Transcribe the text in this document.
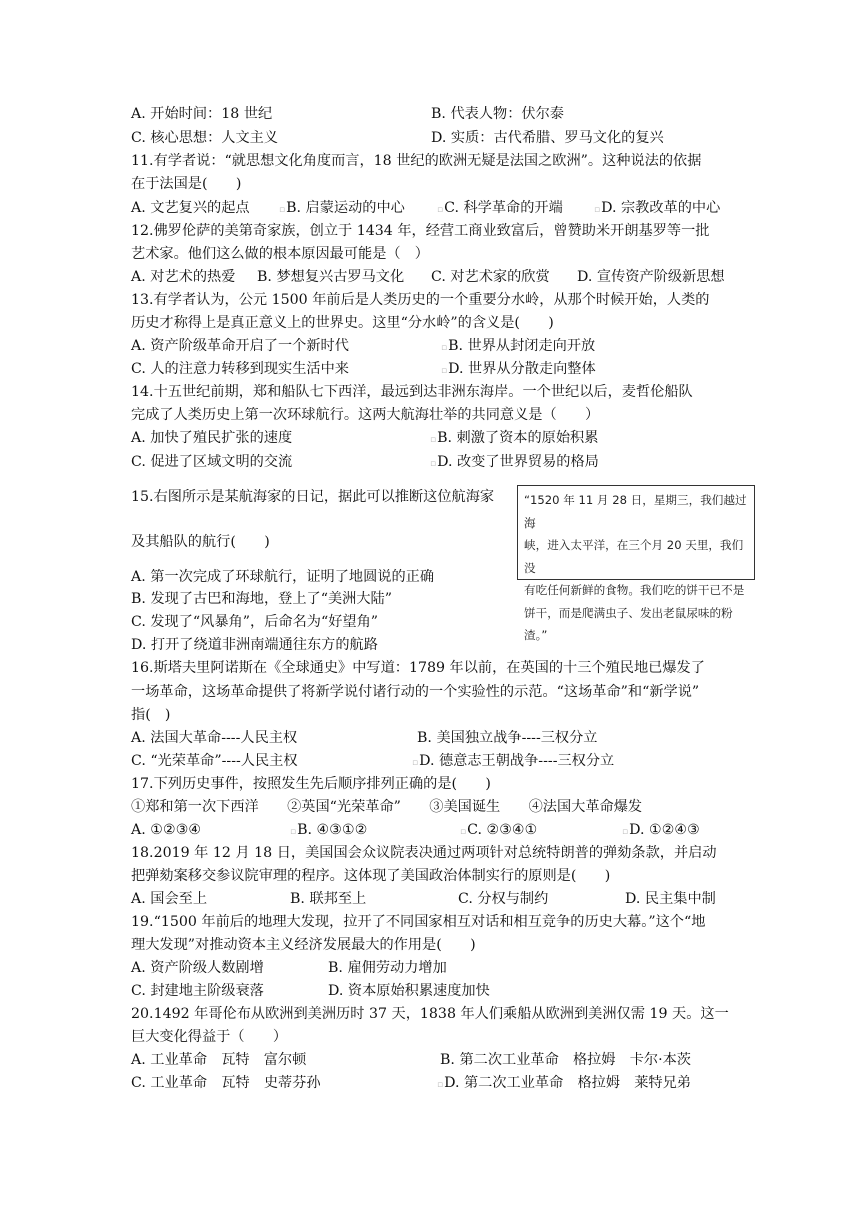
A. 开始时间：18 世纪	B. 代表人物：伏尔泰
C. 核心思想：人文主义	D. 实质：古代希腊、罗马文化的复兴
11.有学者说：“就思想文化角度而言，18 世纪的欧洲无疑是法国之欧洲”。这种说法的依据
在于法国是(　　)
A. 文艺复兴的起点	▫B. 启蒙运动的中心	▫C. 科学革命的开端	▫D. 宗教改革的中心
12.佛罗伦萨的美第奇家族，创立于 1434 年，经营工商业致富后，曾赞助米开朗基罗等一批
艺术家。他们这么做的根本原因最可能是（　）
A. 对艺术的热爱 B. 梦想复兴古罗马文化 C. 对艺术家的欣赏 D. 宣传资产阶级新思想
13.有学者认为，公元 1500 年前后是人类历史的一个重要分水岭，从那个时候开始，人类的
历史才称得上是真正意义上的世界史。这里“分水岭”的含义是(　　)
A. 资产阶级革命开启了一个新时代	▫B. 世界从封闭走向开放
C. 人的注意力转移到现实生活中来	▫D. 世界从分散走向整体
14.十五世纪前期，郑和船队七下西洋，最远到达非洲东海岸。一个世纪以后，麦哲伦船队
完成了人类历史上第一次环球航行。这两大航海壮举的共同意义是（　　）
A. 加快了殖民扩张的速度	▫B. 刺激了资本的原始积累
C. 促进了区域文明的交流	▫D. 改变了世界贸易的格局
15.右图所示是某航海家的日记，据此可以推断这位航海家
及其船队的航行(　　)
“1520 年 11 月 28 日，星期三，我们越过海
峡，进入太平洋，在三个月 20 天里，我们没
有吃任何新鲜的食物。我们吃的饼干已不是
饼干，而是爬满虫子、发出老鼠尿味的粉渣。”
A. 第一次完成了环球航行，证明了地圆说的正确
B. 发现了古巴和海地，登上了“美洲大陆”
C. 发现了“风暴角”，后命名为“好望角”
D. 打开了绕道非洲南端通往东方的航路
16.斯塔夫里阿诺斯在《全球通史》中写道：1789 年以前，在英国的十三个殖民地已爆发了
一场革命，这场革命提供了将新学说付诸行动的一个实验性的示范。“这场革命”和“新学说”
指(　)
A. 法国大革命----人民主权	B. 美国独立战争----三权分立
C. “光荣革命”----人民主权	▫D. 德意志王朝战争----三权分立
17.下列历史事件，按照发生先后顺序排列正确的是(　　)
①郑和第一次下西洋　　②英国“光荣革命”　　③美国诞生　　④法国大革命爆发
A. ①②③④	▫B. ④③①②	▫C. ②③④①	▫D. ①②④③
18.2019 年 12 月 18 日，美国国会众议院表决通过两项针对总统特朗普的弹劾条款，并启动
把弹劾案移交参议院审理的程序。这体现了美国政治体制实行的原则是(　　)
A. 国会至上	B. 联邦至上	C. 分权与制约	D. 民主集中制
19.“1500 年前后的地理大发现，拉开了不同国家相互对话和相互竞争的历史大幕。”这个“地
理大发现”对推动资本主义经济发展最大的作用是(　　)
A. 资产阶级人数剧增	B. 雇佣劳动力增加
C. 封建地主阶级衰落	D. 资本原始积累速度加快
20.1492 年哥伦布从欧洲到美洲历时 37 天，1838 年人们乘船从欧洲到美洲仅需 19 天。这一
巨大变化得益于（　　）
A. 工业革命　瓦特　富尔顿	B. 第二次工业革命　格拉姆　卡尔·本茨
C. 工业革命　瓦特　史蒂芬孙	▫D. 第二次工业革命　格拉姆　莱特兄弟
